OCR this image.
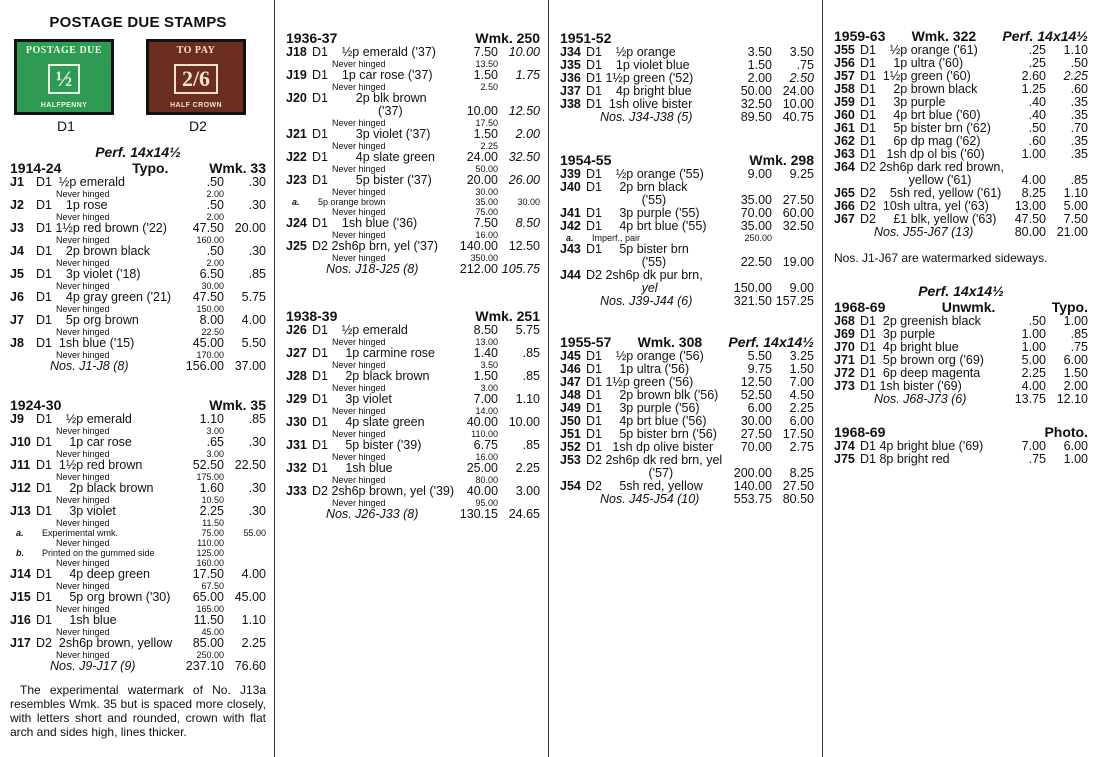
POSTAGE DUE STAMPS
POSTAGE DUE
½
HALFPENNY
D1
TO PAY
2/6
HALF CROWN
D2
Perf. 14x14½
1914-24	Typo.	Wmk. 33
J1 D1  ½p emerald	.50	.30
Never hinged	2.00
J2 D1    1p rose	.50	.30
Never hinged	2.00
J3 D1 1½p red brown ('22)	47.50 20.00
Never hinged	160.00
J4 D1    2p brown black	.50	.30
Never hinged	2.00
J5 D1    3p violet ('18)	6.50	.85
Never hinged	30.00
J6 D1    4p gray green ('21)	47.50	5.75
Never hinged	150.00
J7 D1    5p org brown	8.00	4.00
Never hinged	22.50
J8 D1  1sh blue ('15)	45.00	5.50
Never hinged	170.00
Nos. J1-J8 (8)	156.00 37.00
1924-30	Wmk. 35
J9 D1    ½p emerald	1.10	.85
Never hinged	3.00
J10 D1     1p car rose	.65	.30
Never hinged	3.00
J11 D1  1½p red brown	52.50 22.50
Never hinged	175.00
J12 D1     2p black brown	1.60	.30
Never hinged	10.50
J13 D1     3p violet	2.25	.30
Never hinged	11.50
a.	Experimental wmk.	75.00	55.00
Never hinged	110.00
b.	Printed on the gummed side	125.00
Never hinged	160.00
J14 D1     4p deep green	17.50	4.00
Never hinged	67.50
J15 D1     5p org brown ('30)	65.00 45.00
Never hinged	165.00
J16 D1     1sh blue	11.50	1.10
Never hinged	45.00
J17 D2  2sh6p brown, yellow	85.00	2.25
Never hinged	250.00
Nos. J9-J17 (9)	237.10 76.60
The experimental watermark of No. J13a resembles Wmk. 35 but is spaced more closely, with letters short and rounded, crown with flat arch and sides high, lines thicker.
1936-37	Wmk. 250
J18 D1    ½p emerald ('37)	7.50 10.00
Never hinged	13.50
J19 D1    1p car rose ('37)	1.50	1.75
Never hinged	2.50
J20 D1        2p blk brown
('37)	10.00 12.50
Never hinged	17.50
J21 D1        3p violet ('37)	1.50	2.00
Never hinged	2.25
J22 D1        4p slate green	24.00 32.50
Never hinged	50.00
J23 D1        5p bister ('37)	20.00 26.00
Never hinged	30.00
a.	5p orange brown	35.00	30.00
Never hinged	75.00
J24 D1    1sh blue ('36)	7.50	8.50
Never hinged	16.00
J25 D2 2sh6p brn, yel ('37)	140.00 12.50
Never hinged	350.00
Nos. J18-J25 (8)	212.00 105.75
1938-39	Wmk. 251
J26 D1    ½p emerald	8.50	5.75
Never hinged	13.00
J27 D1     1p carmine rose	1.40	.85
Never hinged	3.50
J28 D1     2p black brown	1.50	.85
Never hinged	3.00
J29 D1     3p violet	7.00	1.10
Never hinged	14.00
J30 D1     4p slate green	40.00 10.00
Never hinged	110.00
J31 D1     5p bister ('39)	6.75	.85
Never hinged	16.00
J32 D1     1sh blue	25.00	2.25
Never hinged	80.00
J33 D2 2sh6p brown, yel ('39)	40.00	3.00
Never hinged	95.00
Nos. J26-J33 (8)	130.15 24.65
1951-52
J34 D1    ½p orange	3.50	3.50
J35 D1    1p violet blue	1.50	.75
J36 D1 1½p green ('52)	2.00	2.50
J37 D1    4p bright blue	50.00 24.00
J38 D1  1sh olive bister	32.50 10.00
Nos. J34-J38 (5)	89.50 40.75
1954-55	Wmk. 298
J39 D1    ½p orange ('55)	9.00	9.25
J40 D1     2p brn black
('55)	35.00 27.50
J41 D1     3p purple ('55)	70.00 60.00
J42 D1     4p brt blue ('55)	35.00 32.50
a.	Imperf., pair	250.00
J43 D1     5p bister brn
('55)	22.50 19.00
J44 D2 2sh6p dk pur brn,
yel	150.00	9.00
Nos. J39-J44 (6)	321.50 157.25
1955-57 Wmk. 308 Perf. 14x14½
J45 D1    ½p orange ('56)	5.50	3.25
J46 D1     1p ultra ('56)	9.75	1.50
J47 D1 1½p green ('56)	12.50	7.00
J48 D1     2p brown blk ('56)	52.50	4.50
J49 D1     3p purple ('56)	6.00	2.25
J50 D1     4p brt blue ('56)	30.00	6.00
J51 D1     5p bister brn ('56)	27.50 17.50
J52 D1   1sh dp olive bister	70.00	2.75
J53 D2 2sh6p dk red brn, yel
('57)	200.00	8.25
J54 D2     5sh red, yellow	140.00 27.50
Nos. J45-J54 (10)	553.75 80.50
1959-63 Wmk. 322 Perf. 14x14½
J55 D1    ½p orange ('61)	.25	1.10
J56 D1     1p ultra ('60)	.25	.50
J57 D1  1½p green ('60)	2.60	2.25
J58 D1     2p brown black	1.25	.60
J59 D1     3p purple	.40	.35
J60 D1     4p brt blue ('60)	.40	.35
J61 D1     5p bister brn ('62)	.50	.70
J62 D1     6p dp mag ('62)	.60	.35
J63 D1   1sh dp ol bis ('60)	1.00	.35
J64 D2 2sh6p dark red brown,
yellow ('61)	4.00	.85
J65 D2    5sh red, yellow ('61)	8.25	1.10
J66 D2  10sh ultra, yel ('63)	13.00	5.00
J67 D2     £1 blk, yellow ('63)	47.50	7.50
Nos. J55-J67 (13)	80.00 21.00
Nos. J1-J67 are watermarked sideways.
Perf. 14x14½
1968-69	Unwmk.	Typo.
J68 D1  2p greenish black	.50	1.00
J69 D1  3p purple	1.00	.85
J70 D1  4p bright blue	1.00	.75
J71 D1  5p brown org ('69)	5.00	6.00
J72 D1  6p deep magenta	2.25	1.50
J73 D1 1sh bister ('69)	4.00	2.00
Nos. J68-J73 (6)	13.75 12.10
1968-69	Photo.
J74 D1 4p bright blue ('69)	7.00	6.00
J75 D1 8p bright red	.75	1.00
